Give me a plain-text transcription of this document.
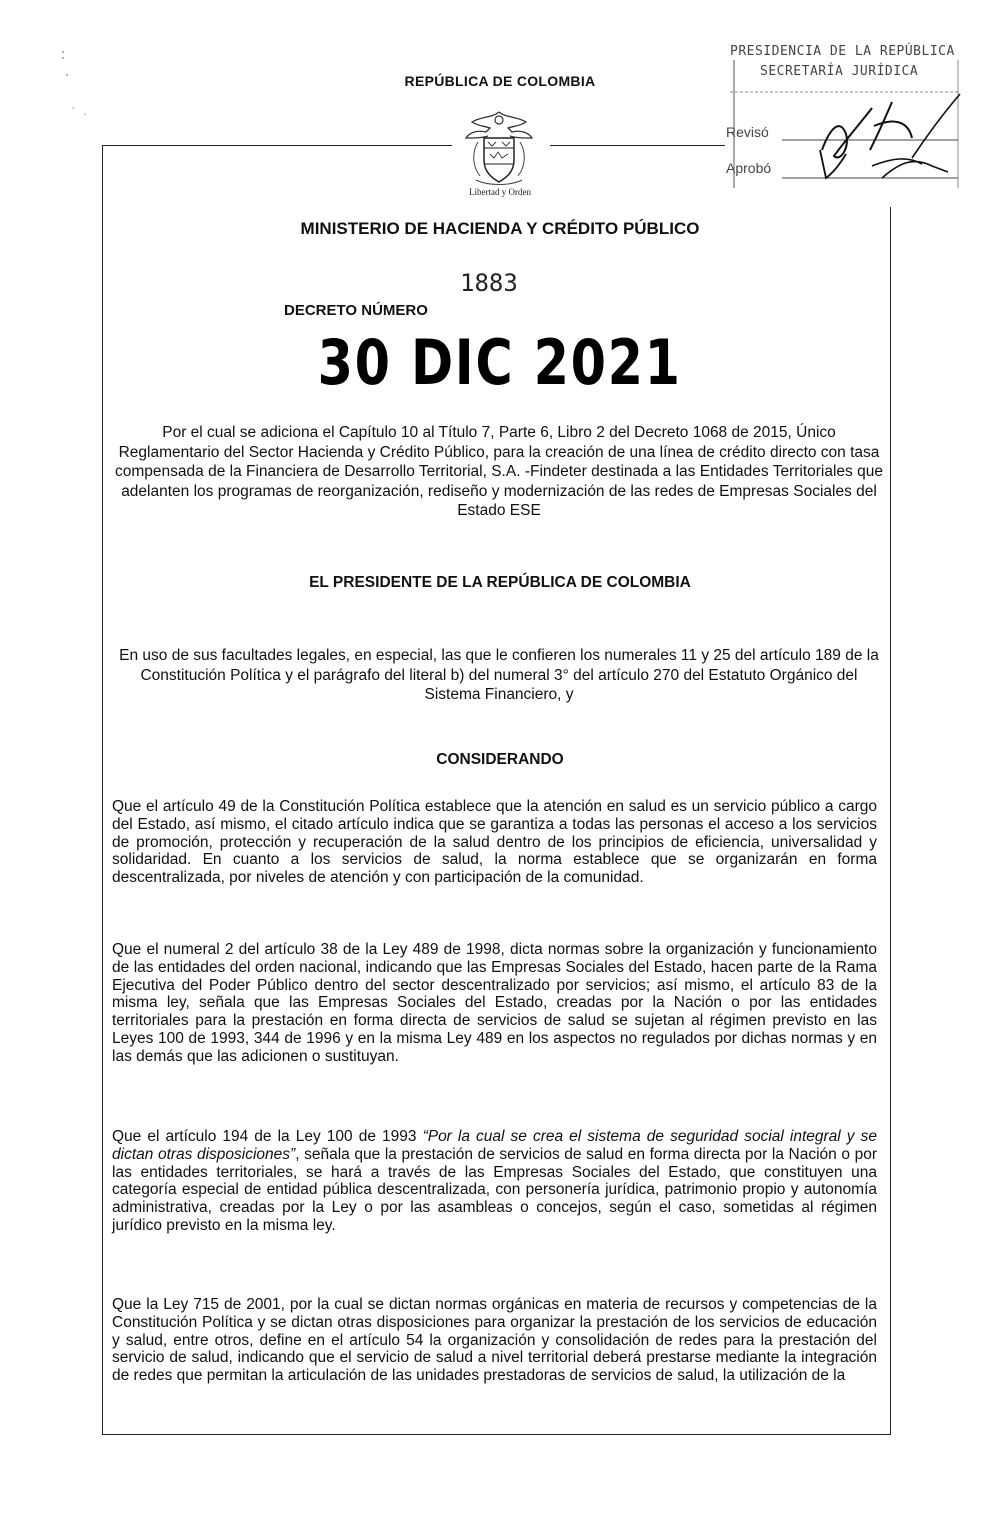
REPÚBLICA DE COLOMBIA
Libertad y Orden
PRESIDENCIA DE LA REPÚBLICA
SECRETARÍA JURÍDICA
Revisó
Aprobó
MINISTERIO DE HACIENDA Y CRÉDITO PÚBLICO
1883
DECRETO NÚMERO
30 DIC 2021
Por el cual se adiciona el Capítulo 10 al Título 7, Parte 6, Libro 2 del Decreto 1068 de 2015, Único Reglamentario del Sector Hacienda y Crédito Público, para la creación de una línea de crédito directo con tasa compensada de la Financiera de Desarrollo Territorial, S.A. -Findeter destinada a las Entidades Territoriales que adelanten los programas de reorganización, rediseño y modernización de las redes de Empresas Sociales del Estado ESE
EL PRESIDENTE DE LA REPÚBLICA DE COLOMBIA
En uso de sus facultades legales, en especial, las que le confieren los numerales 11 y 25 del artículo 189 de la Constitución Política y el parágrafo del literal b) del numeral 3° del artículo 270 del Estatuto Orgánico del Sistema Financiero, y
CONSIDERANDO

Que el artículo 49 de la Constitución Política establece que la atención en salud es un servicio público a cargo del Estado, así mismo, el citado artículo indica que se garantiza a todas las personas el acceso a los servicios de promoción, protección y recuperación de la salud dentro de los principios de eficiencia, universalidad y solidaridad. En cuanto a los servicios de salud, la norma establece que se organizarán en forma descentralizada, por niveles de atención y con participación de la comunidad.

Que el numeral 2 del artículo 38 de la Ley 489 de 1998, dicta normas sobre la organización y funcionamiento de las entidades del orden nacional, indicando que las Empresas Sociales del Estado, hacen parte de la Rama Ejecutiva del Poder Público dentro del sector descentralizado por servicios; así mismo, el artículo 83 de la misma ley, señala que las Empresas Sociales del Estado, creadas por la Nación o por las entidades territoriales para la prestación en forma directa de servicios de salud se sujetan al régimen previsto en las Leyes 100 de 1993, 344 de 1996 y en la misma Ley 489 en los aspectos no regulados por dichas normas y en las demás que las adicionen o sustituyan.

Que el artículo 194 de la Ley 100 de 1993 “Por la cual se crea el sistema de seguridad social integral y se dictan otras disposiciones”, señala que la prestación de servicios de salud en forma directa por la Nación o por las entidades territoriales, se hará a través de las Empresas Sociales del Estado, que constituyen una categoría especial de entidad pública descentralizada, con personería jurídica, patrimonio propio y autonomía administrativa, creadas por la Ley o por las asambleas o concejos, según el caso, sometidas al régimen jurídico previsto en la misma ley.

Que la Ley 715 de 2001, por la cual se dictan normas orgánicas en materia de recursos y competencias de la Constitución Política y se dictan otras disposiciones para organizar la prestación de los servicios de educación y salud, entre otros, define en el artículo 54 la organización y consolidación de redes para la prestación del servicio de salud, indicando que el servicio de salud a nivel territorial deberá prestarse mediante la integración de redes que permitan la articulación de las unidades prestadoras de servicios de salud, la utilización de la
